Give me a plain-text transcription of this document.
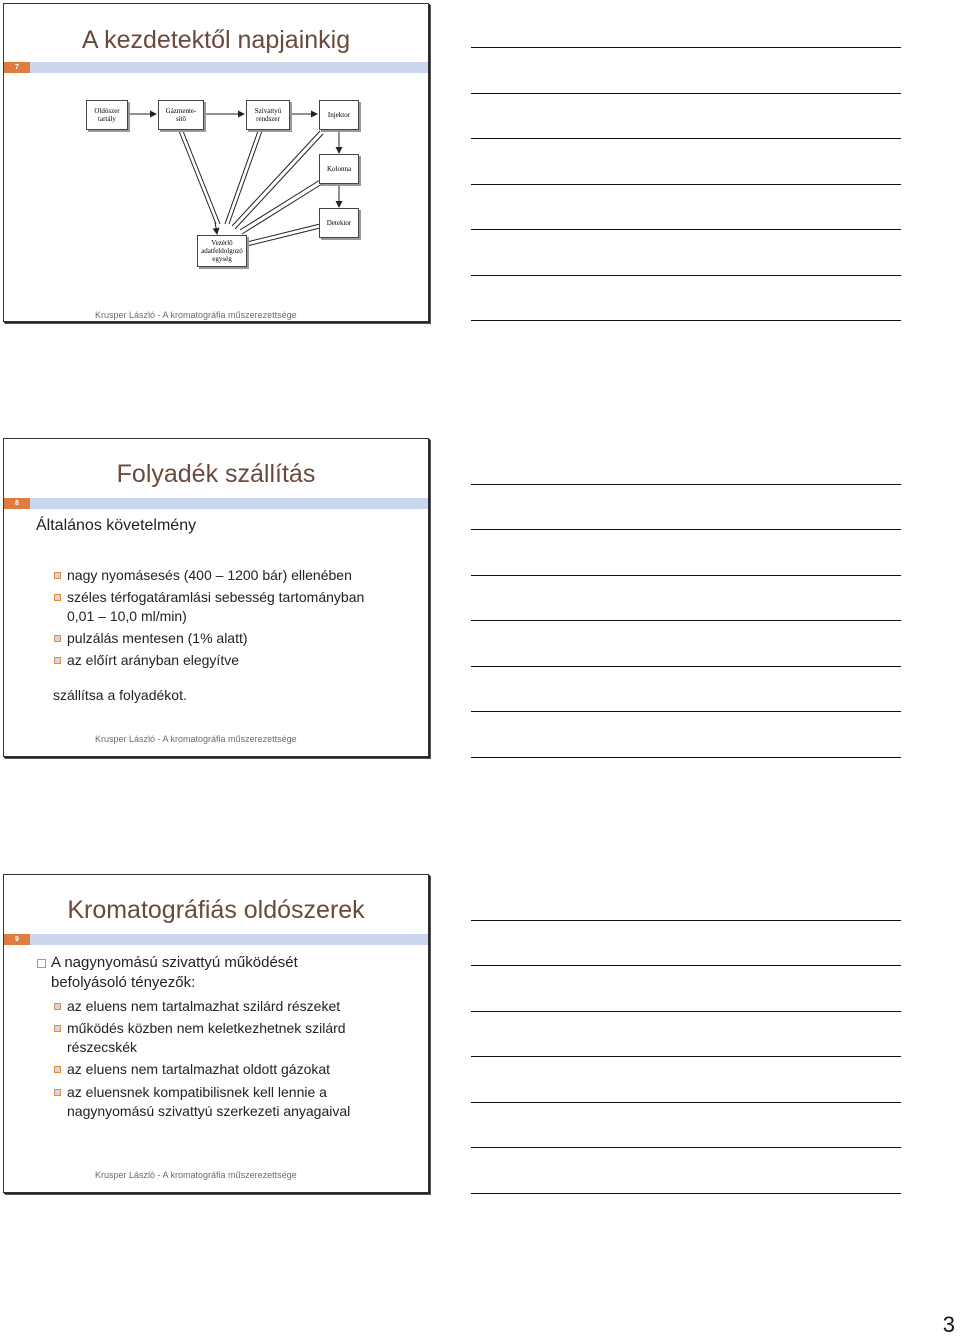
A kezdetektől napjainkig
7
Oldószer
tartály
Gázmente-
sítő
Szivattyú
rendszer	Injektor
Kolonna
Detektor
Vezérlő
adatfeldolgozó
egység
Krusper László - A kromatográfia műszerezettsége
Folyadék szállítás
8
Általános követelmény
nagy nyomásesés (400 – 1200 bár) ellenében
széles térfogatáramlási sebesség tartományban
0,01 – 10,0 ml/min)
pulzálás mentesen (1% alatt)
az előírt arányban elegyítve
szállítsa a folyadékot.
Krusper László - A kromatográfia műszerezettsége
Kromatográfiás oldószerek
9
A nagynyomású szivattyú működését
befolyásoló tényezők:
az eluens nem tartalmazhat szilárd részeket
működés közben nem keletkezhetnek szilárd
részecskék
az eluens nem tartalmazhat oldott gázokat
az eluensnek kompatibilisnek kell lennie a
nagynyomású szivattyú szerkezeti anyagaival
Krusper László - A kromatográfia műszerezettsége
3
